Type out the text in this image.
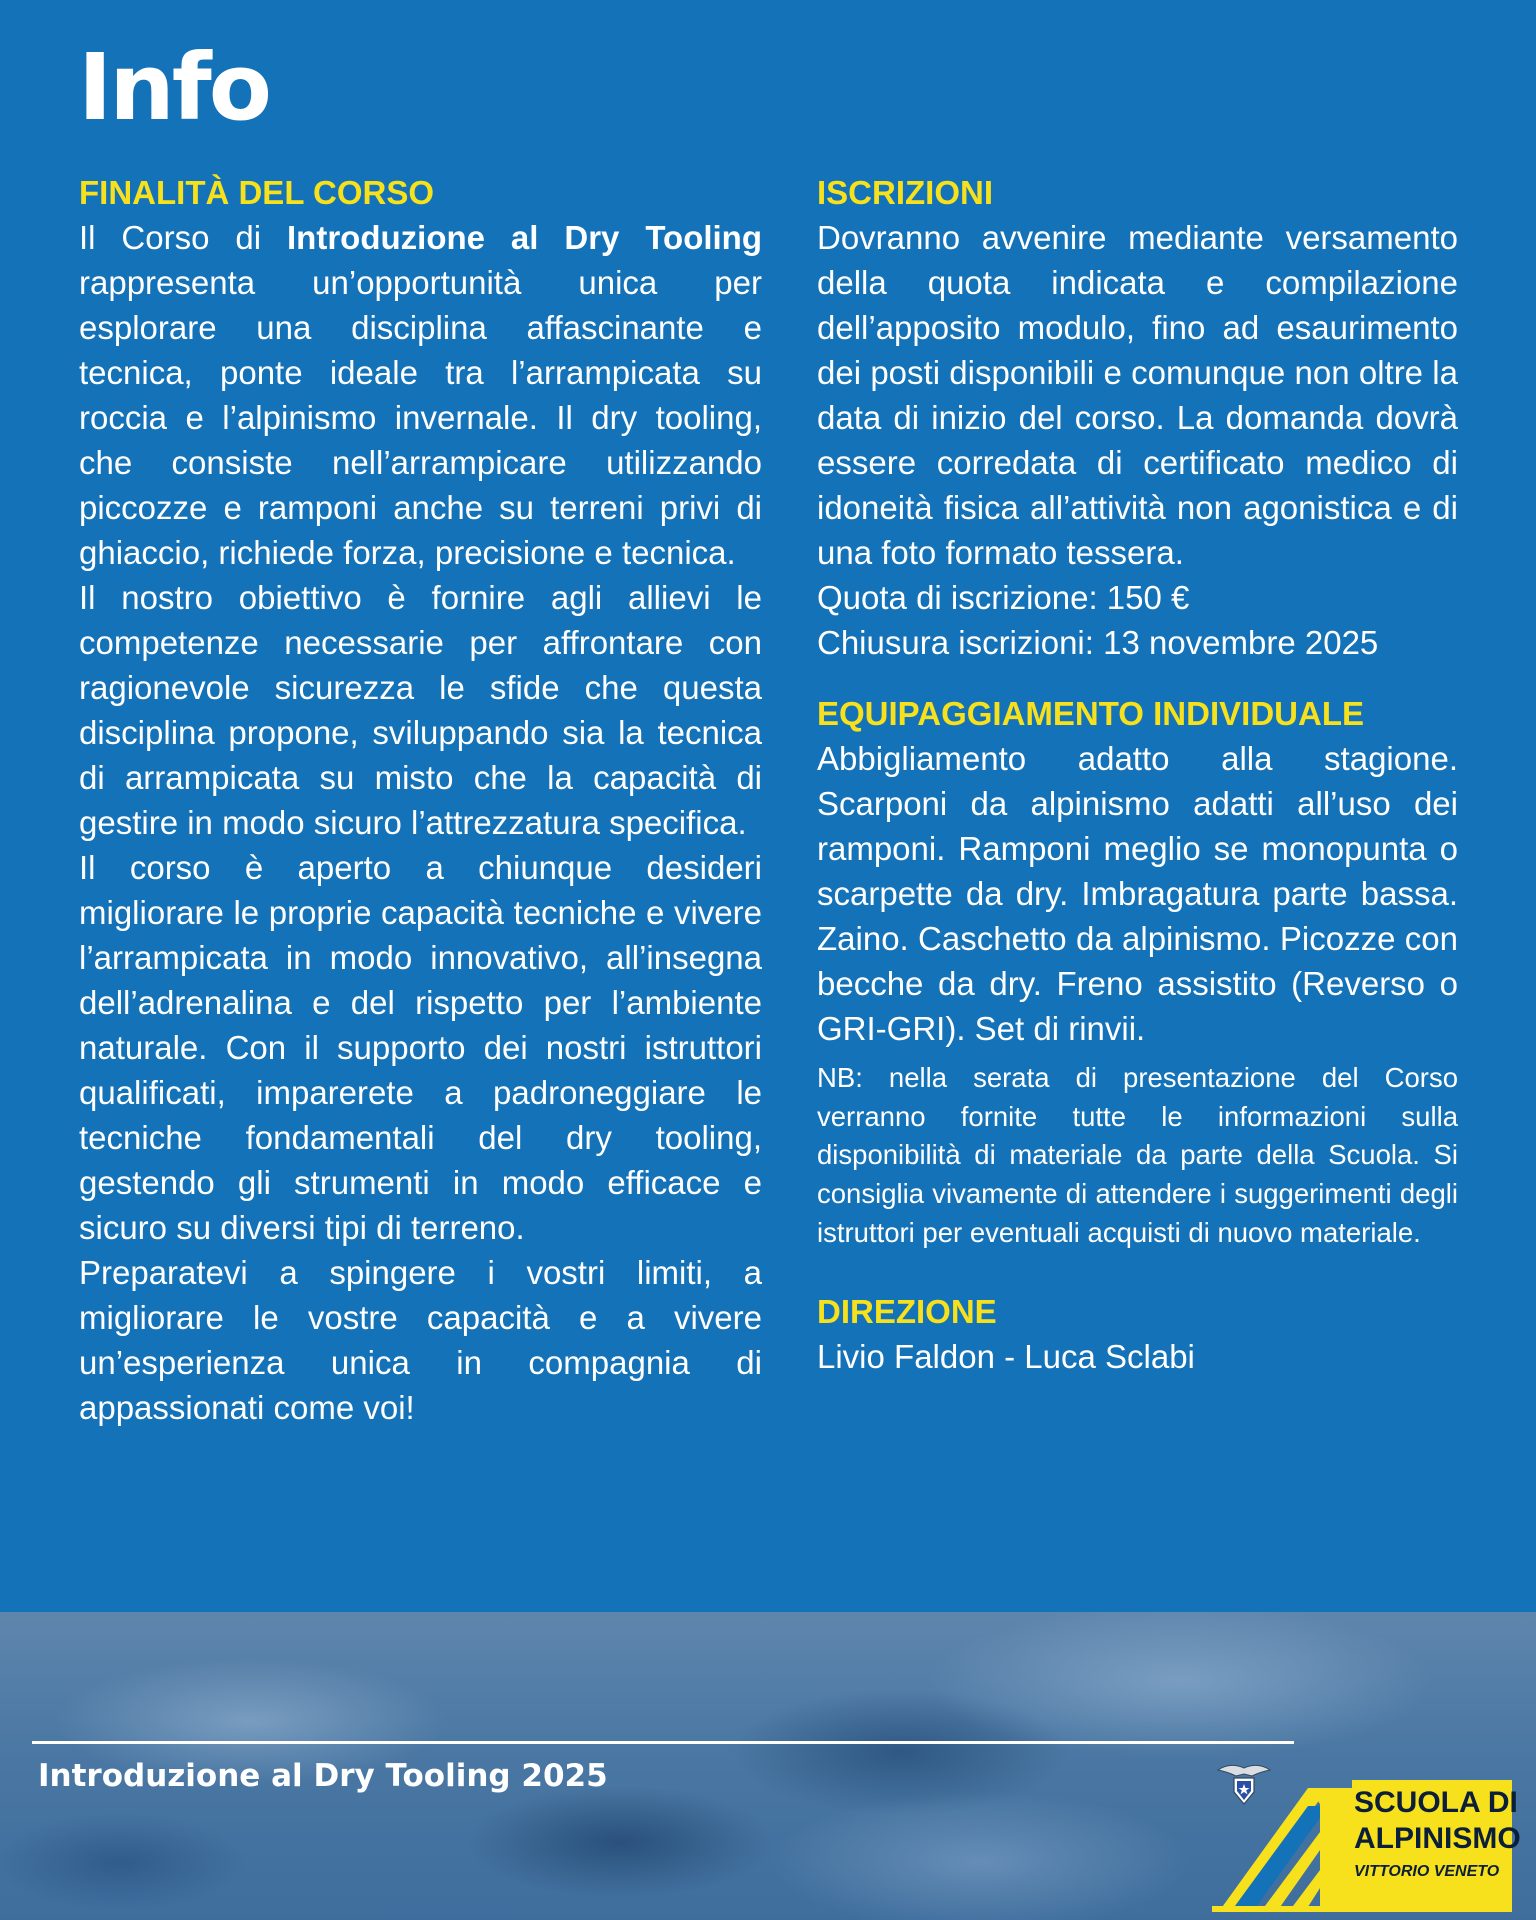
Info
FINALITÀ DEL CORSO

Il Corso di Introduzione al Dry Tooling rappresenta un’opportunità unica per esplorare una disciplina affascinante e tecnica, ponte ideale tra l’arrampicata su roccia e l’alpinismo invernale. Il dry tooling, che consiste nell’arrampicare utilizzando piccozze e ramponi anche su terreni privi di ghiaccio, richiede forza, precisione e tecnica.

Il nostro obiettivo è fornire agli allievi le competenze necessarie per affrontare con ragionevole sicurezza le sfide che questa disciplina propone, sviluppando sia la tecnica di arrampicata su misto che la capacità di gestire in modo sicuro l’attrezzatura specifica.

Il corso è aperto a chiunque desideri migliorare le proprie capacità tecniche e vivere l’arrampicata in modo innovativo, all’insegna dell’adrenalina e del rispetto per l’ambiente naturale. Con il supporto dei nostri istruttori qualificati, imparerete a padroneggiare le tecniche fondamentali del dry tooling, gestendo gli strumenti in modo efficace e sicuro su diversi tipi di terreno.

Preparatevi a spingere i vostri limiti, a migliorare le vostre capacità e a vivere un’esperienza unica in compagnia di appassionati come voi!

ISCRIZIONI

Dovranno avvenire mediante versamento della quota indicata e compilazione dell’apposito modulo, fino ad esaurimento dei posti disponibili e comunque non oltre la data di inizio del corso. La domanda dovrà essere corredata di certificato medico di idoneità fisica all’attività non agonistica e di una foto formato tessera.

Quota di iscrizione: 150 €

Chiusura iscrizioni: 13 novembre 2025

EQUIPAGGIAMENTO INDIVIDUALE

Abbigliamento adatto alla stagione. Scarponi da alpinismo adatti all’uso dei ramponi. Ramponi meglio se monopunta o scarpette da dry. Imbragatura parte bassa. Zaino. Caschetto da alpinismo. Picozze con becche da dry. Freno assistito (Reverso o GRI-GRI). Set di rinvii.

NB: nella serata di presentazione del Corso verranno fornite tutte le informazioni sulla disponibilità di materiale da parte della Scuola. Si consiglia vivamente di attendere i suggerimenti degli istruttori per eventuali acquisti di nuovo materiale.

DIREZIONE

Livio Faldon - Luca Sclabi

Introduzione al Dry Tooling 2025
SCUOLA DI
ALPINISMO
VITTORIO VENETO
